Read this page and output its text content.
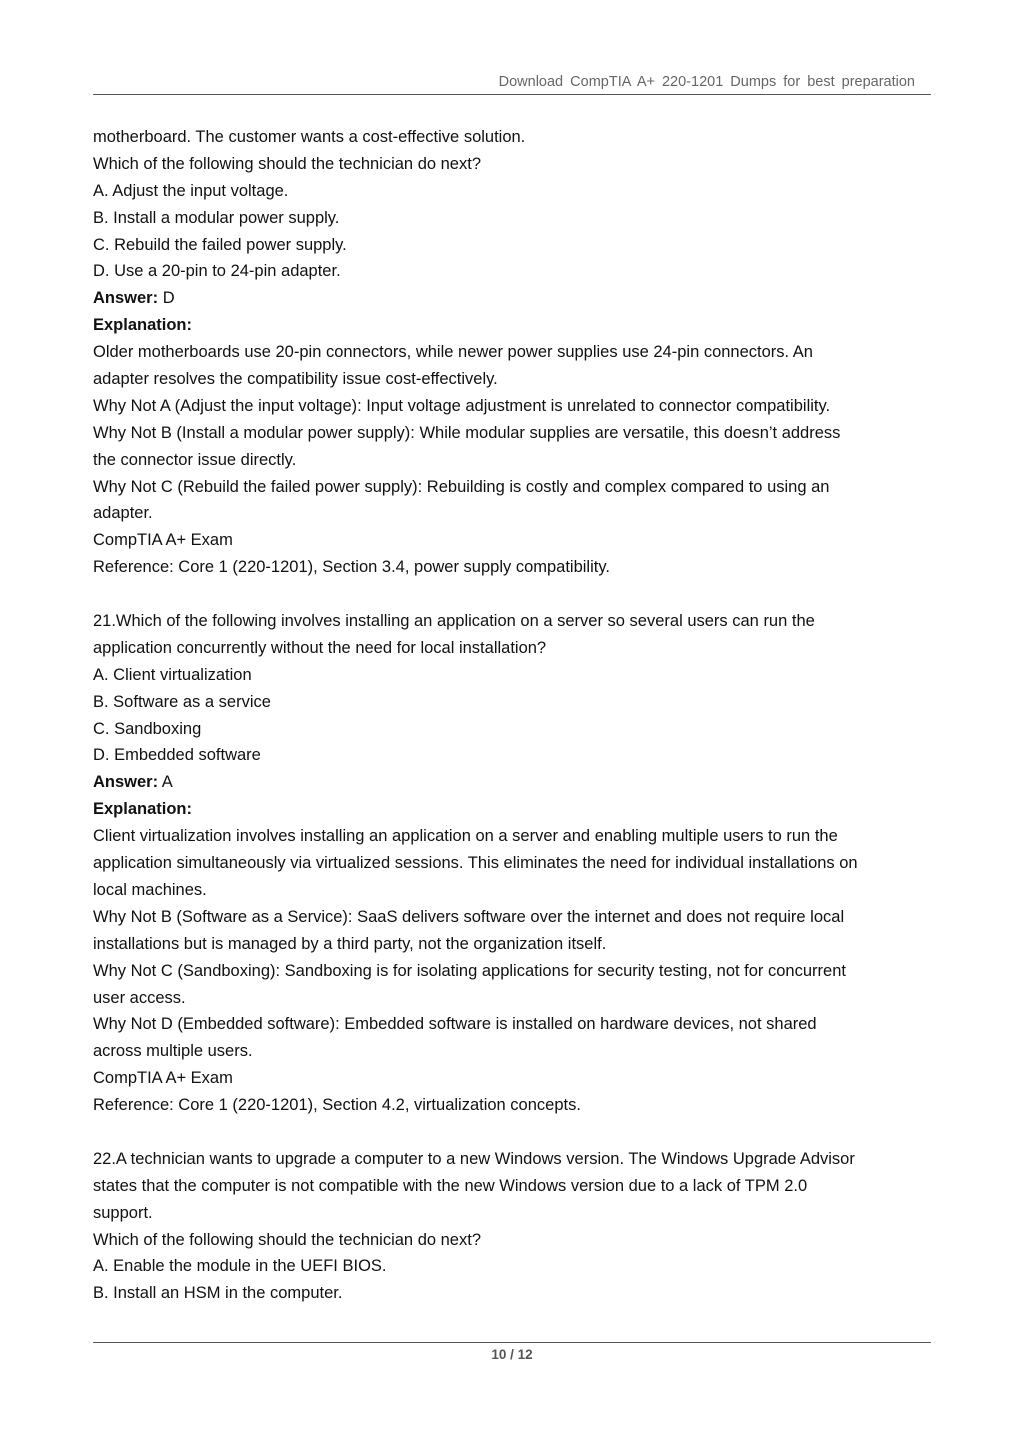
Download CompTIA A+ 220-1201 Dumps for best preparation

motherboard. The customer wants a cost-effective solution.

Which of the following should the technician do next?

A. Adjust the input voltage.

B. Install a modular power supply.

C. Rebuild the failed power supply.

D. Use a 20-pin to 24-pin adapter.

Answer: D

Explanation:

Older motherboards use 20-pin connectors, while newer power supplies use 24-pin connectors. An

adapter resolves the compatibility issue cost-effectively.

Why Not A (Adjust the input voltage): Input voltage adjustment is unrelated to connector compatibility.

Why Not B (Install a modular power supply): While modular supplies are versatile, this doesn’t address

the connector issue directly.

Why Not C (Rebuild the failed power supply): Rebuilding is costly and complex compared to using an

adapter.

CompTIA A+ Exam

Reference: Core 1 (220-1201), Section 3.4, power supply compatibility.

21.Which of the following involves installing an application on a server so several users can run the

application concurrently without the need for local installation?

A. Client virtualization

B. Software as a service

C. Sandboxing

D. Embedded software

Answer: A

Explanation:

Client virtualization involves installing an application on a server and enabling multiple users to run the

application simultaneously via virtualized sessions. This eliminates the need for individual installations on

local machines.

Why Not B (Software as a Service): SaaS delivers software over the internet and does not require local

installations but is managed by a third party, not the organization itself.

Why Not C (Sandboxing): Sandboxing is for isolating applications for security testing, not for concurrent

user access.

Why Not D (Embedded software): Embedded software is installed on hardware devices, not shared

across multiple users.

CompTIA A+ Exam

Reference: Core 1 (220-1201), Section 4.2, virtualization concepts.

22.A technician wants to upgrade a computer to a new Windows version. The Windows Upgrade Advisor

states that the computer is not compatible with the new Windows version due to a lack of TPM 2.0

support.

Which of the following should the technician do next?

A. Enable the module in the UEFI BIOS.

B. Install an HSM in the computer.

10 / 12
